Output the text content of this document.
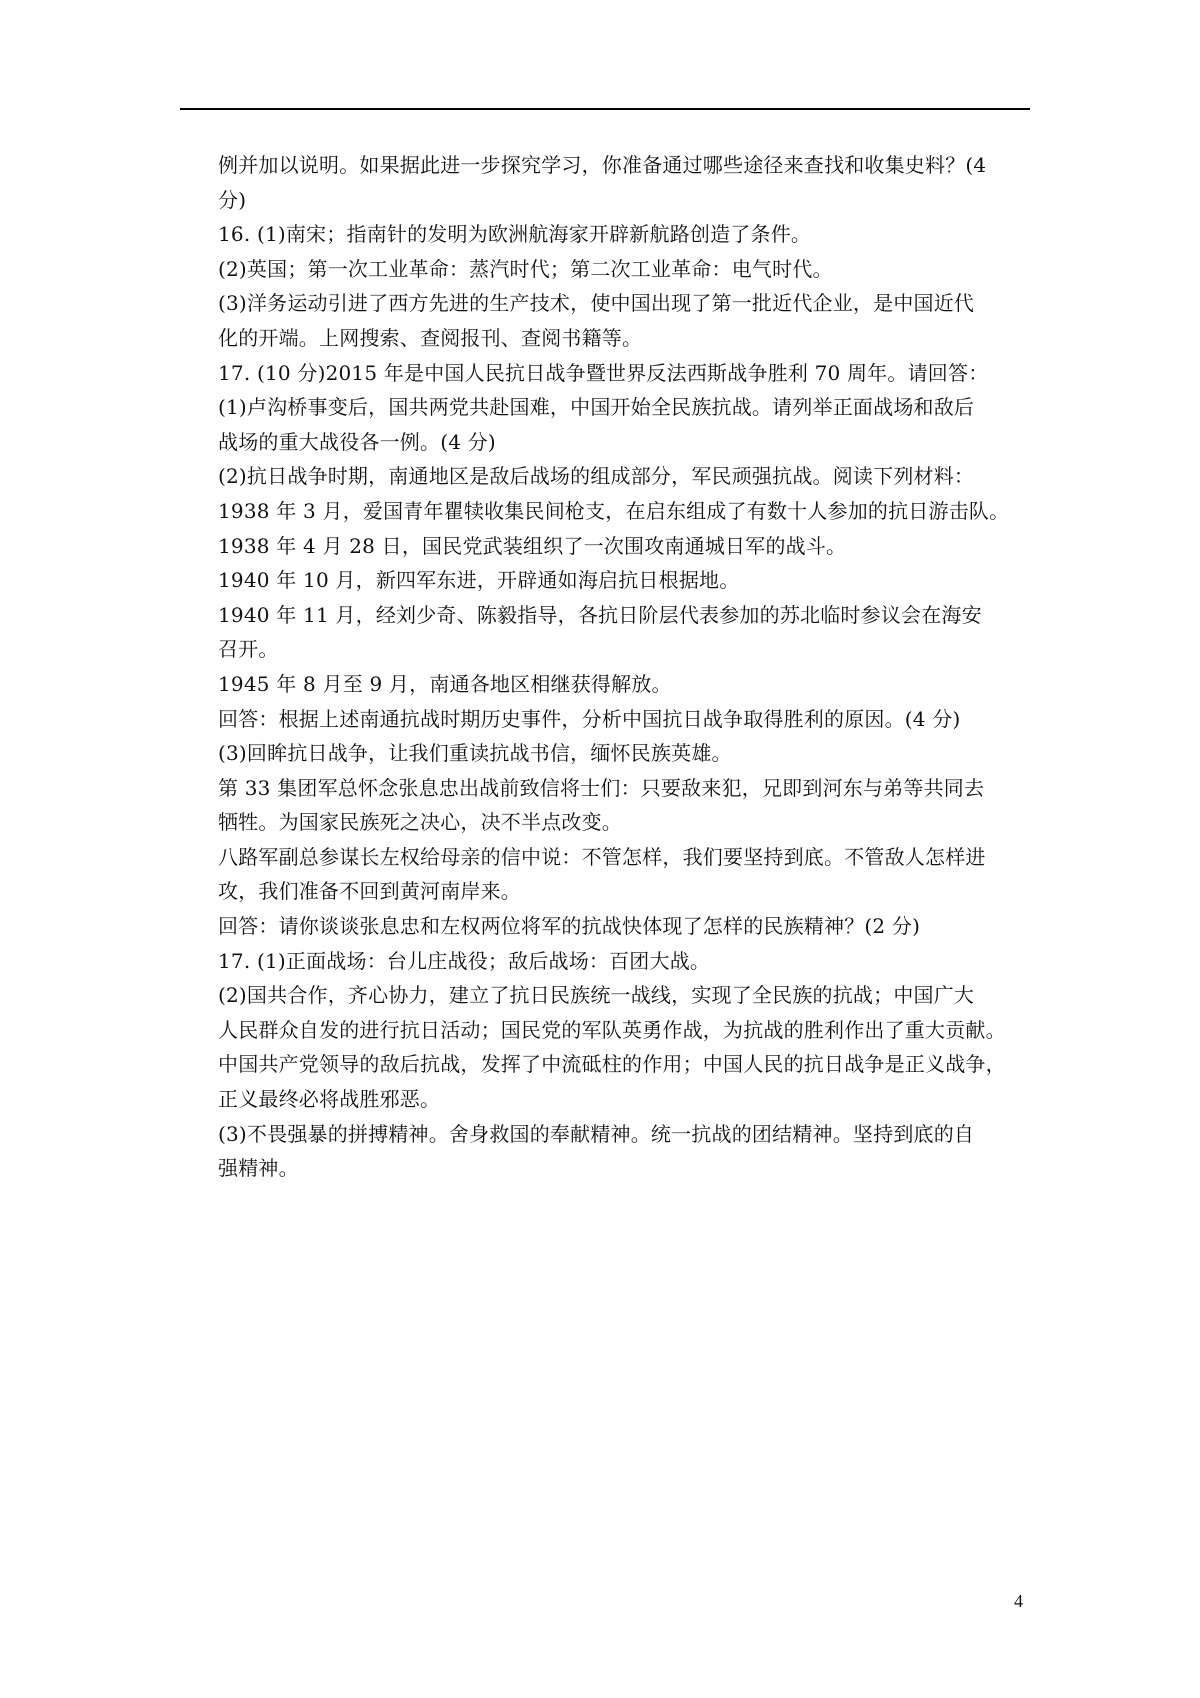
例并加以说明。如果据此进一步探究学习，你准备通过哪些途径来查找和收集史料？(4
分)
16. (1)南宋；指南针的发明为欧洲航海家开辟新航路创造了条件。
(2)英国；第一次工业革命：蒸汽时代；第二次工业革命：电气时代。
(3)洋务运动引进了西方先进的生产技术，使中国出现了第一批近代企业，是中国近代
化的开端。上网搜索、查阅报刊、查阅书籍等。
17. (10 分)2015 年是中国人民抗日战争暨世界反法西斯战争胜利 70 周年。请回答：
(1)卢沟桥事变后，国共两党共赴国难，中国开始全民族抗战。请列举正面战场和敌后
战场的重大战役各一例。(4 分)
(2)抗日战争时期，南通地区是敌后战场的组成部分，军民顽强抗战。阅读下列材料：
1938 年 3 月，爱国青年瞿犊收集民间枪支，在启东组成了有数十人参加的抗日游击队。
1938 年 4 月 28 日，国民党武装组织了一次围攻南通城日军的战斗。
1940 年 10 月，新四军东进，开辟通如海启抗日根据地。
1940 年 11 月，经刘少奇、陈毅指导，各抗日阶层代表参加的苏北临时参议会在海安
召开。
1945 年 8 月至 9 月，南通各地区相继获得解放。
回答：根据上述南通抗战时期历史事件，分析中国抗日战争取得胜利的原因。(4 分)
(3)回眸抗日战争，让我们重读抗战书信，缅怀民族英雄。
第 33 集团军总怀念张息忠出战前致信将士们：只要敌来犯，兄即到河东与弟等共同去
牺牲。为国家民族死之决心，决不半点改变。
八路军副总参谋长左权给母亲的信中说：不管怎样，我们要坚持到底。不管敌人怎样进
攻，我们准备不回到黄河南岸来。
回答：请你谈谈张息忠和左权两位将军的抗战快体现了怎样的民族精神？(2 分)
17. (1)正面战场：台儿庄战役；敌后战场：百团大战。
(2)国共合作，齐心协力，建立了抗日民族统一战线，实现了全民族的抗战；中国广大
人民群众自发的进行抗日活动；国民党的军队英勇作战，为抗战的胜利作出了重大贡献。
中国共产党领导的敌后抗战，发挥了中流砥柱的作用；中国人民的抗日战争是正义战争，
正义最终必将战胜邪恶。
(3)不畏强暴的拼搏精神。舍身救国的奉献精神。统一抗战的团结精神。坚持到底的自
强精神。
4
